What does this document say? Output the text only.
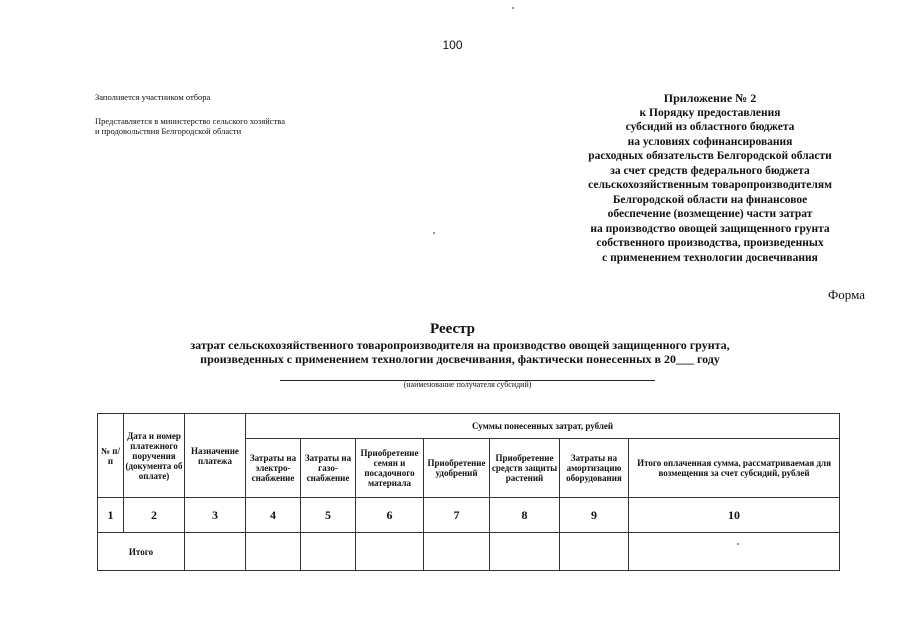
100
Заполняется участником отбора
Представляется в министерство сельского хозяйства
и продовольствия Белгородской области
Приложение № 2
к Порядку предоставления
субсидий из областного бюджета
на условиях софинансирования
расходных обязательств Белгородской области
за счет средств федерального бюджета
сельскохозяйственным товаропроизводителям
Белгородской области на финансовое
обеспечение (возмещение) части затрат
на производство овощей защищенного грунта
собственного производства, произведенных
с применением технологии досвечивания
Форма
Реестр
затрат сельскохозяйственного товаропроизводителя на производство овощей защищенного грунта,
произведенных с применением технологии досвечивания, фактически понесенных в 20___ году
(наименование получателя субсидий)
№ п/п	Дата и номер платежного поручения (документа об оплате)	Назначение платежа	Суммы понесенных затрат, рублей						
			Затраты на электро-снабжение	Затраты на газо-снабжение	Приобретение семян и посадочного материала	Приобретение удобрений	Приобретение средств защиты растений	Затраты на амортизацию оборудования	Итого оплаченная сумма, рассматриваемая для возмещения за счет субсидий, рублей
1	2	3	4	5	6	7	8	9	10
Итого									
